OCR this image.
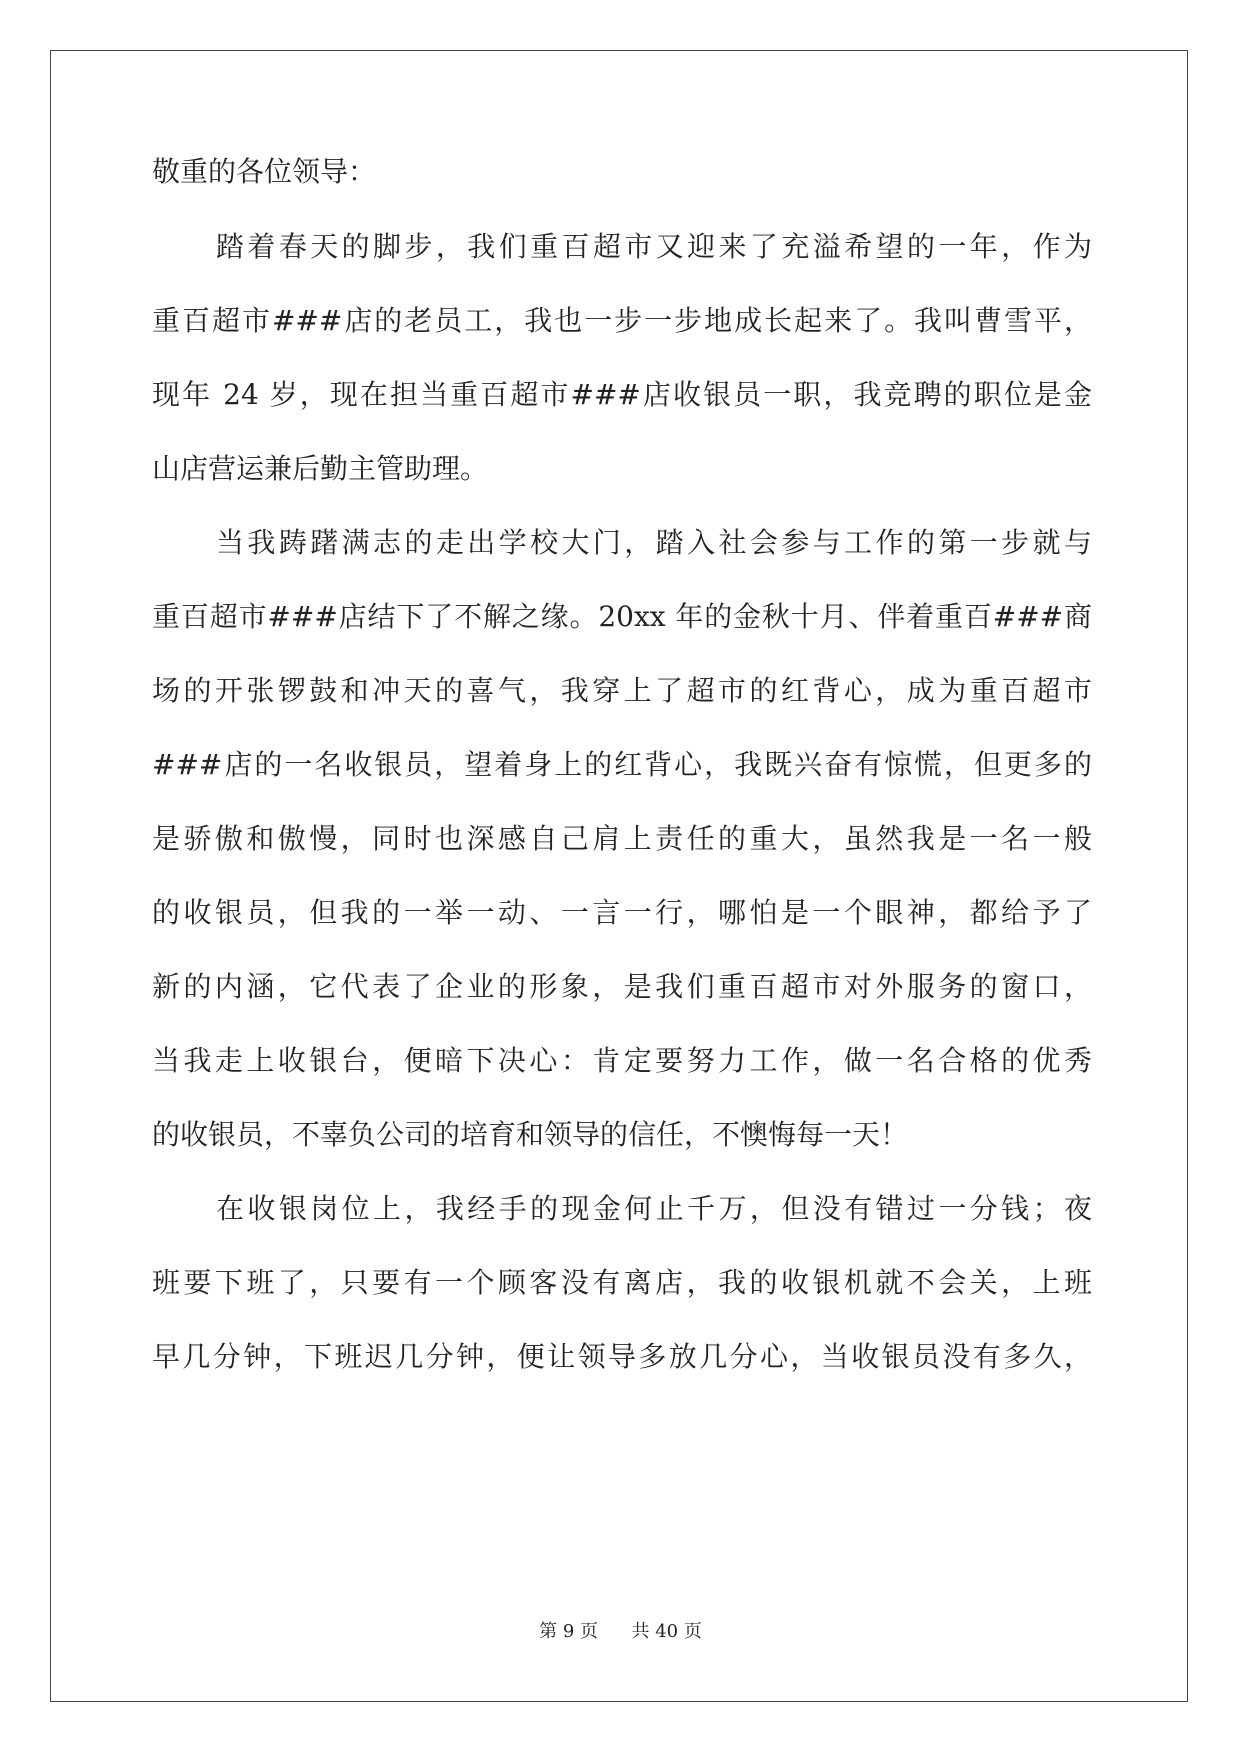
敬重的各位领导：
踏着春天的脚步，我们重百超市又迎来了充溢希望的一年，作为
重百超市###店的老员工，我也一步一步地成长起来了。我叫曹雪平，
现年 24 岁，现在担当重百超市###店收银员一职，我竞聘的职位是金
山店营运兼后勤主管助理。
当我踌躇满志的走出学校大门，踏入社会参与工作的第一步就与
重百超市###店结下了不解之缘。20xx 年的金秋十月、伴着重百###商
场的开张锣鼓和冲天的喜气，我穿上了超市的红背心，成为重百超市
###店的一名收银员，望着身上的红背心，我既兴奋有惊慌，但更多的
是骄傲和傲慢，同时也深感自己肩上责任的重大，虽然我是一名一般
的收银员，但我的一举一动、一言一行，哪怕是一个眼神，都给予了
新的内涵，它代表了企业的形象，是我们重百超市对外服务的窗口，
当我走上收银台，便暗下决心：肯定要努力工作，做一名合格的优秀
的收银员，不辜负公司的培育和领导的信任，不懊悔每一天！
在收银岗位上，我经手的现金何止千万，但没有错过一分钱；夜
班要下班了，只要有一个顾客没有离店，我的收银机就不会关，上班
早几分钟，下班迟几分钟，便让领导多放几分心，当收银员没有多久，
第 9 页 共 40 页
